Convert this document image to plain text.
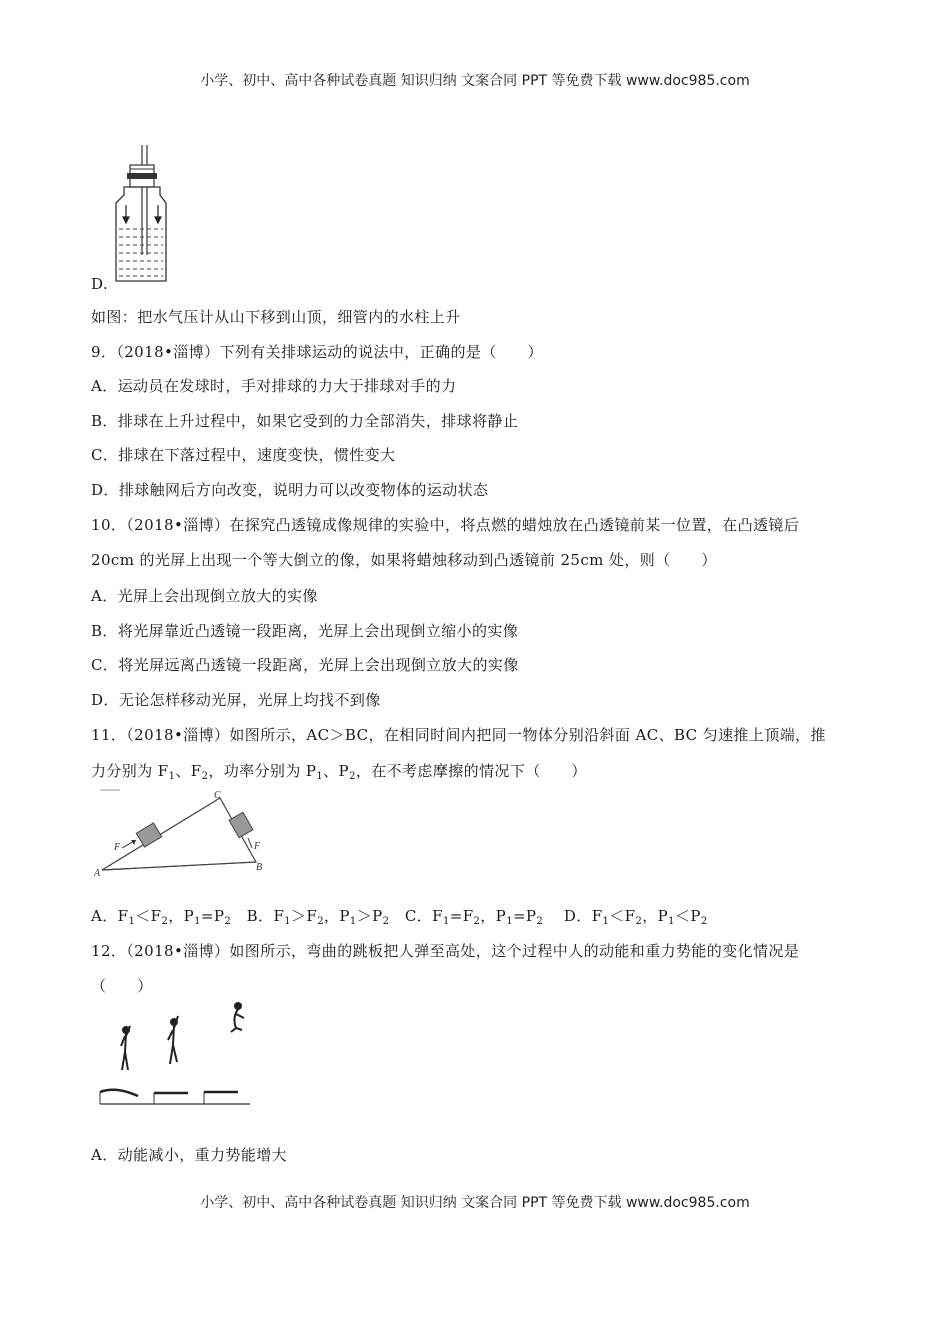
小学、初中、高中各种试卷真题 知识归纳 文案合同 PPT 等免费下载 www.doc985.com
D.
如图：把水气压计从山下移到山顶，细管内的水柱上升
9．（2018•淄博）下列有关排球运动的说法中，正确的是（　　）
A．运动员在发球时，手对排球的力大于排球对手的力
B．排球在上升过程中，如果它受到的力全部消失，排球将静止
C．排球在下落过程中，速度变快，惯性变大
D．排球触网后方向改变，说明力可以改变物体的运动状态
10．（2018•淄博）在探究凸透镜成像规律的实验中，将点燃的蜡烛放在凸透镜前某一位置，在凸透镜后
20cm 的光屏上出现一个等大倒立的像，如果将蜡烛移动到凸透镜前 25cm 处，则（　　）
A．光屏上会出现倒立放大的实像
B．将光屏靠近凸透镜一段距离，光屏上会出现倒立缩小的实像
C．将光屏远离凸透镜一段距离，光屏上会出现倒立放大的实像
D．无论怎样移动光屏，光屏上均找不到像
11．（2018•淄博）如图所示，AC＞BC，在相同时间内把同一物体分别沿斜面 AC、BC 匀速推上顶端，推
力分别为 $F_1$、$F_2$，功率分别为 $P_1$、$P_2$，在不考虑摩擦的情况下（　　）
F	F
A
B
C
A．$F_1<F_2$，$P_1=P_2$ B．$F_1>F_2$，$P_1>P_2$ C．$F_1=F_2$，$P_1=P_2$ D．$F_1<F_2$，$P_1<P_2$
12．（2018•淄博）如图所示，弯曲的跳板把人弹至高处，这个过程中人的动能和重力势能的变化情况是
（　　）
A．动能减小，重力势能增大
小学、初中、高中各种试卷真题 知识归纳 文案合同 PPT 等免费下载 www.doc985.com
